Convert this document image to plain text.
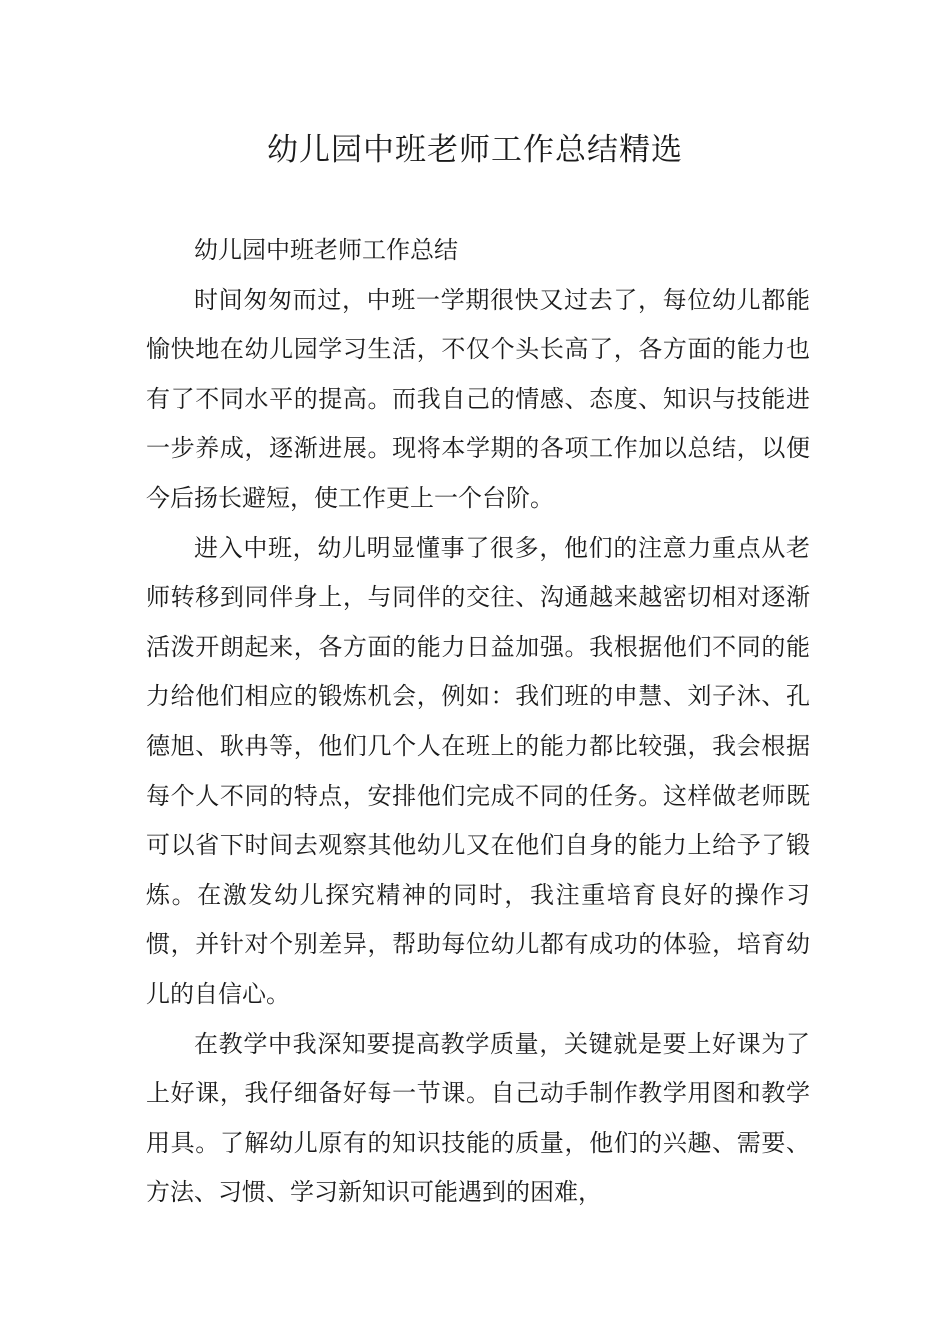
幼儿园中班老师工作总结精选

幼儿园中班老师工作总结

时间匆匆而过，中班一学期很快又过去了，每位幼儿都能愉快地在幼儿园学习生活，不仅个头长高了，各方面的能力也有了不同水平的提高。而我自己的情感、态度、知识与技能进一步养成，逐渐进展。现将本学期的各项工作加以总结，以便今后扬长避短，使工作更上一个台阶。

进入中班，幼儿明显懂事了很多，他们的注意力重点从老师转移到同伴身上，与同伴的交往、沟通越来越密切相对逐渐活泼开朗起来，各方面的能力日益加强。我根据他们不同的能力给他们相应的锻炼机会，例如：我们班的申慧、刘子沐、孔德旭、耿冉等，他们几个人在班上的能力都比较强，我会根据每个人不同的特点，安排他们完成不同的任务。这样做老师既可以省下时间去观察其他幼儿又在他们自身的能力上给予了锻炼。在激发幼儿探究精神的同时，我注重培育良好的操作习惯，并针对个别差异，帮助每位幼儿都有成功的体验，培育幼儿的自信心。

在教学中我深知要提高教学质量，关键就是要上好课为了上好课，我仔细备好每一节课。自己动手制作教学用图和教学用具。了解幼儿原有的知识技能的质量，他们的兴趣、需要、方法、习惯、学习新知识可能遇到的困难，
